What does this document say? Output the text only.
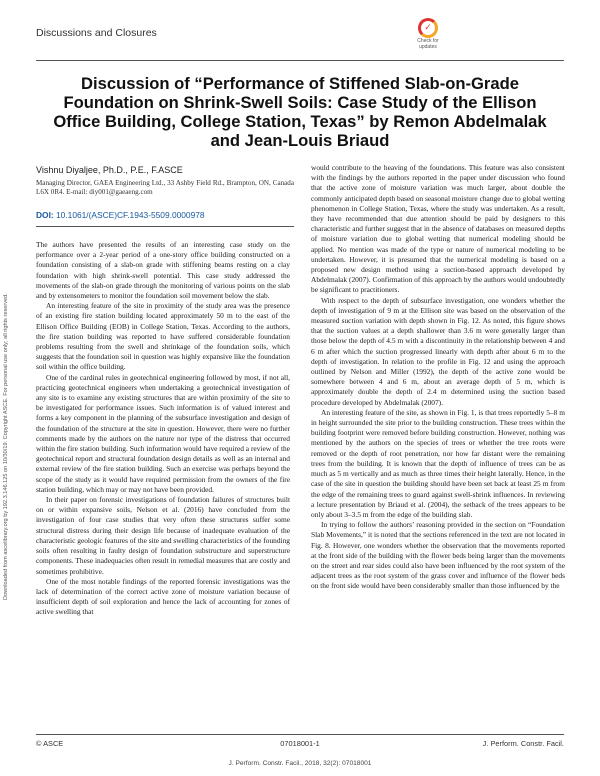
Discussions and Closures	✓
Check for
updates
Discussion of “Performance of Stiffened Slab-on-Grade Foundation on Shrink-Swell Soils: Case Study of the Ellison Office Building, College Station, Texas” by Remon Abdelmalak and Jean-Louis Briaud
Vishnu Diyaljee, Ph.D., P.E., F.ASCE
Managing Director, GAEA Engineering Ltd., 33 Ashby Field Rd., Brampton, ON, Canada L6X 0R4. E-mail: diy001@gaeaeng.com
DOI: 10.1061/(ASCE)CF.1943-5509.0000978

The authors have presented the results of an interesting case study on the performance over a 2-year period of a one-story office building constructed on a foundation consisting of a slab-on grade with stiffening beams resting on a clay foundation with high shrink-swell potential. This case study addressed the movements of the slab-on grade through the monitoring of various points on the slab and by extensometers to monitor the foundation soil movement below the slab.

An interesting feature of the site in proximity of the study area was the presence of an existing fire station building located approximately 50 m to the east of the Ellison Office Building (EOB) in College Station, Texas. According to the authors, the fire station building was reported to have suffered considerable foundation problems resulting from the swell and shrinkage of the foundation soils, which suggests that the foundation soil in question was highly expansive like the foundation soil within the office building.

One of the cardinal rules in geotechnical engineering followed by most, if not all, practicing geotechnical engineers when undertaking a geotechnical investigation of any site is to examine any existing structures that are within proximity of the site to be investigated for performance issues. Such information is of valued interest and forms a key component in the planning of the subsurface investigation and design of the foundation of the structure at the site in question. However, there were no further comments made by the authors on the nature nor type of the distress that occurred within the fire station building. Such information would have required a review of the geotechnical report and structural foundation design details as well as an internal and external review of the fire station building. Such an exercise was perhaps beyond the scope of the study as it would have required permission from the owners of the fire station building, which may or may not have been provided.

In their paper on forensic investigations of foundation failures of structures built on or within expansive soils, Nelson et al. (2016) have concluded from the investigation of four case studies that very often these structures suffer some structural distress during their design life because of inadequate evaluation of the characteristic geologic features of the site and swelling characteristics of the founding soils often resulting in faulty design of foundation substructure and superstructure components. These inadequacies often result in remedial measures that are costly and sometimes prohibitive.

One of the most notable findings of the reported forensic investigations was the lack of determination of the correct active zone of moisture variation because of insufficient depth of soil exploration and hence the lack of accounting for zones of active swelling that

would contribute to the heaving of the foundations. This feature was also consistent with the findings by the authors reported in the paper under discussion who found that the active zone of moisture variation was much larger, about double the commonly anticipated depth based on seasonal moisture change due to global wetting phenomenon in College Station, Texas, where the study was undertaken. As a result, they have recommended that due attention should be paid by designers to this characteristic and further suggest that in the absence of databases on measured depths of moisture variation due to global wetting that numerical modeling should be applied. No mention was made of the type or nature of numerical modeling to be undertaken. However, it is presumed that the numerical modeling is based on a proposed new design method using a suction-based approach developed by Abdelmalak (2007). Confirmation of this approach by the authors would undoubtedly be significant to practitioners.

With respect to the depth of subsurface investigation, one wonders whether the depth of investigation of 9 m at the Ellison site was based on the observation of the measured suction variation with depth shown in Fig. 12. As noted, this figure shows that the suction values at a depth shallower than 3.6 m were generally larger than those below the depth of 4.5 m with a discontinuity in the relationship between 4 and 6 m after which the suction progressed linearly with depth after about 6 m to the depth of investigation. In relation to the profile in Fig. 12 and using the approach outlined by Nelson and Miller (1992), the depth of the active zone would be somewhere between 4 and 6 m, about an average depth of 5 m, which is approximately double the depth of 2.4 m determined using the suction based procedure developed by Abdelmalak (2007).

An interesting feature of the site, as shown in Fig. 1, is that trees reportedly 5–8 m in height surrounded the site prior to the building construction. These trees within the building footprint were removed before building construction. However, nothing was mentioned by the authors on the species of trees or whether the tree roots were removed or the depth of root penetration, nor how far distant were the remaining trees from the building. It is known that the depth of influence of trees can be as much as 5 m vertically and as much as three times their height laterally. Hence, in the case of the site in question the building should have been set back at least 25 m from the edge of the remaining trees to guard against swell-shrink influences. In reviewing a lecture presentation by Briaud et al. (2004), the setback of the trees appears to be only about 3–3.5 m from the edge of the building slab.

In trying to follow the authors’ reasoning provided in the section on “Foundation Slab Movements,” it is noted that the sections referenced in the text are not located in Fig. 8. However, one wonders whether the observation that the movements reported at the front side of the building with the flower beds being larger than the movements on the street and rear sides could also have been influenced by the root system of the adjacent trees as the root system of the grass cover and influence of the flower beds on the front side would have been considerably smaller than those influenced by the

Downloaded from ascelibrary.org by 192.3.146.125 on 10/30/19. Copyright ASCE. For personal use only; all rights reserved.
© ASCE	07018001-1	J. Perform. Constr. Facil.
J. Perform. Constr. Facil., 2018, 32(2): 07018001
